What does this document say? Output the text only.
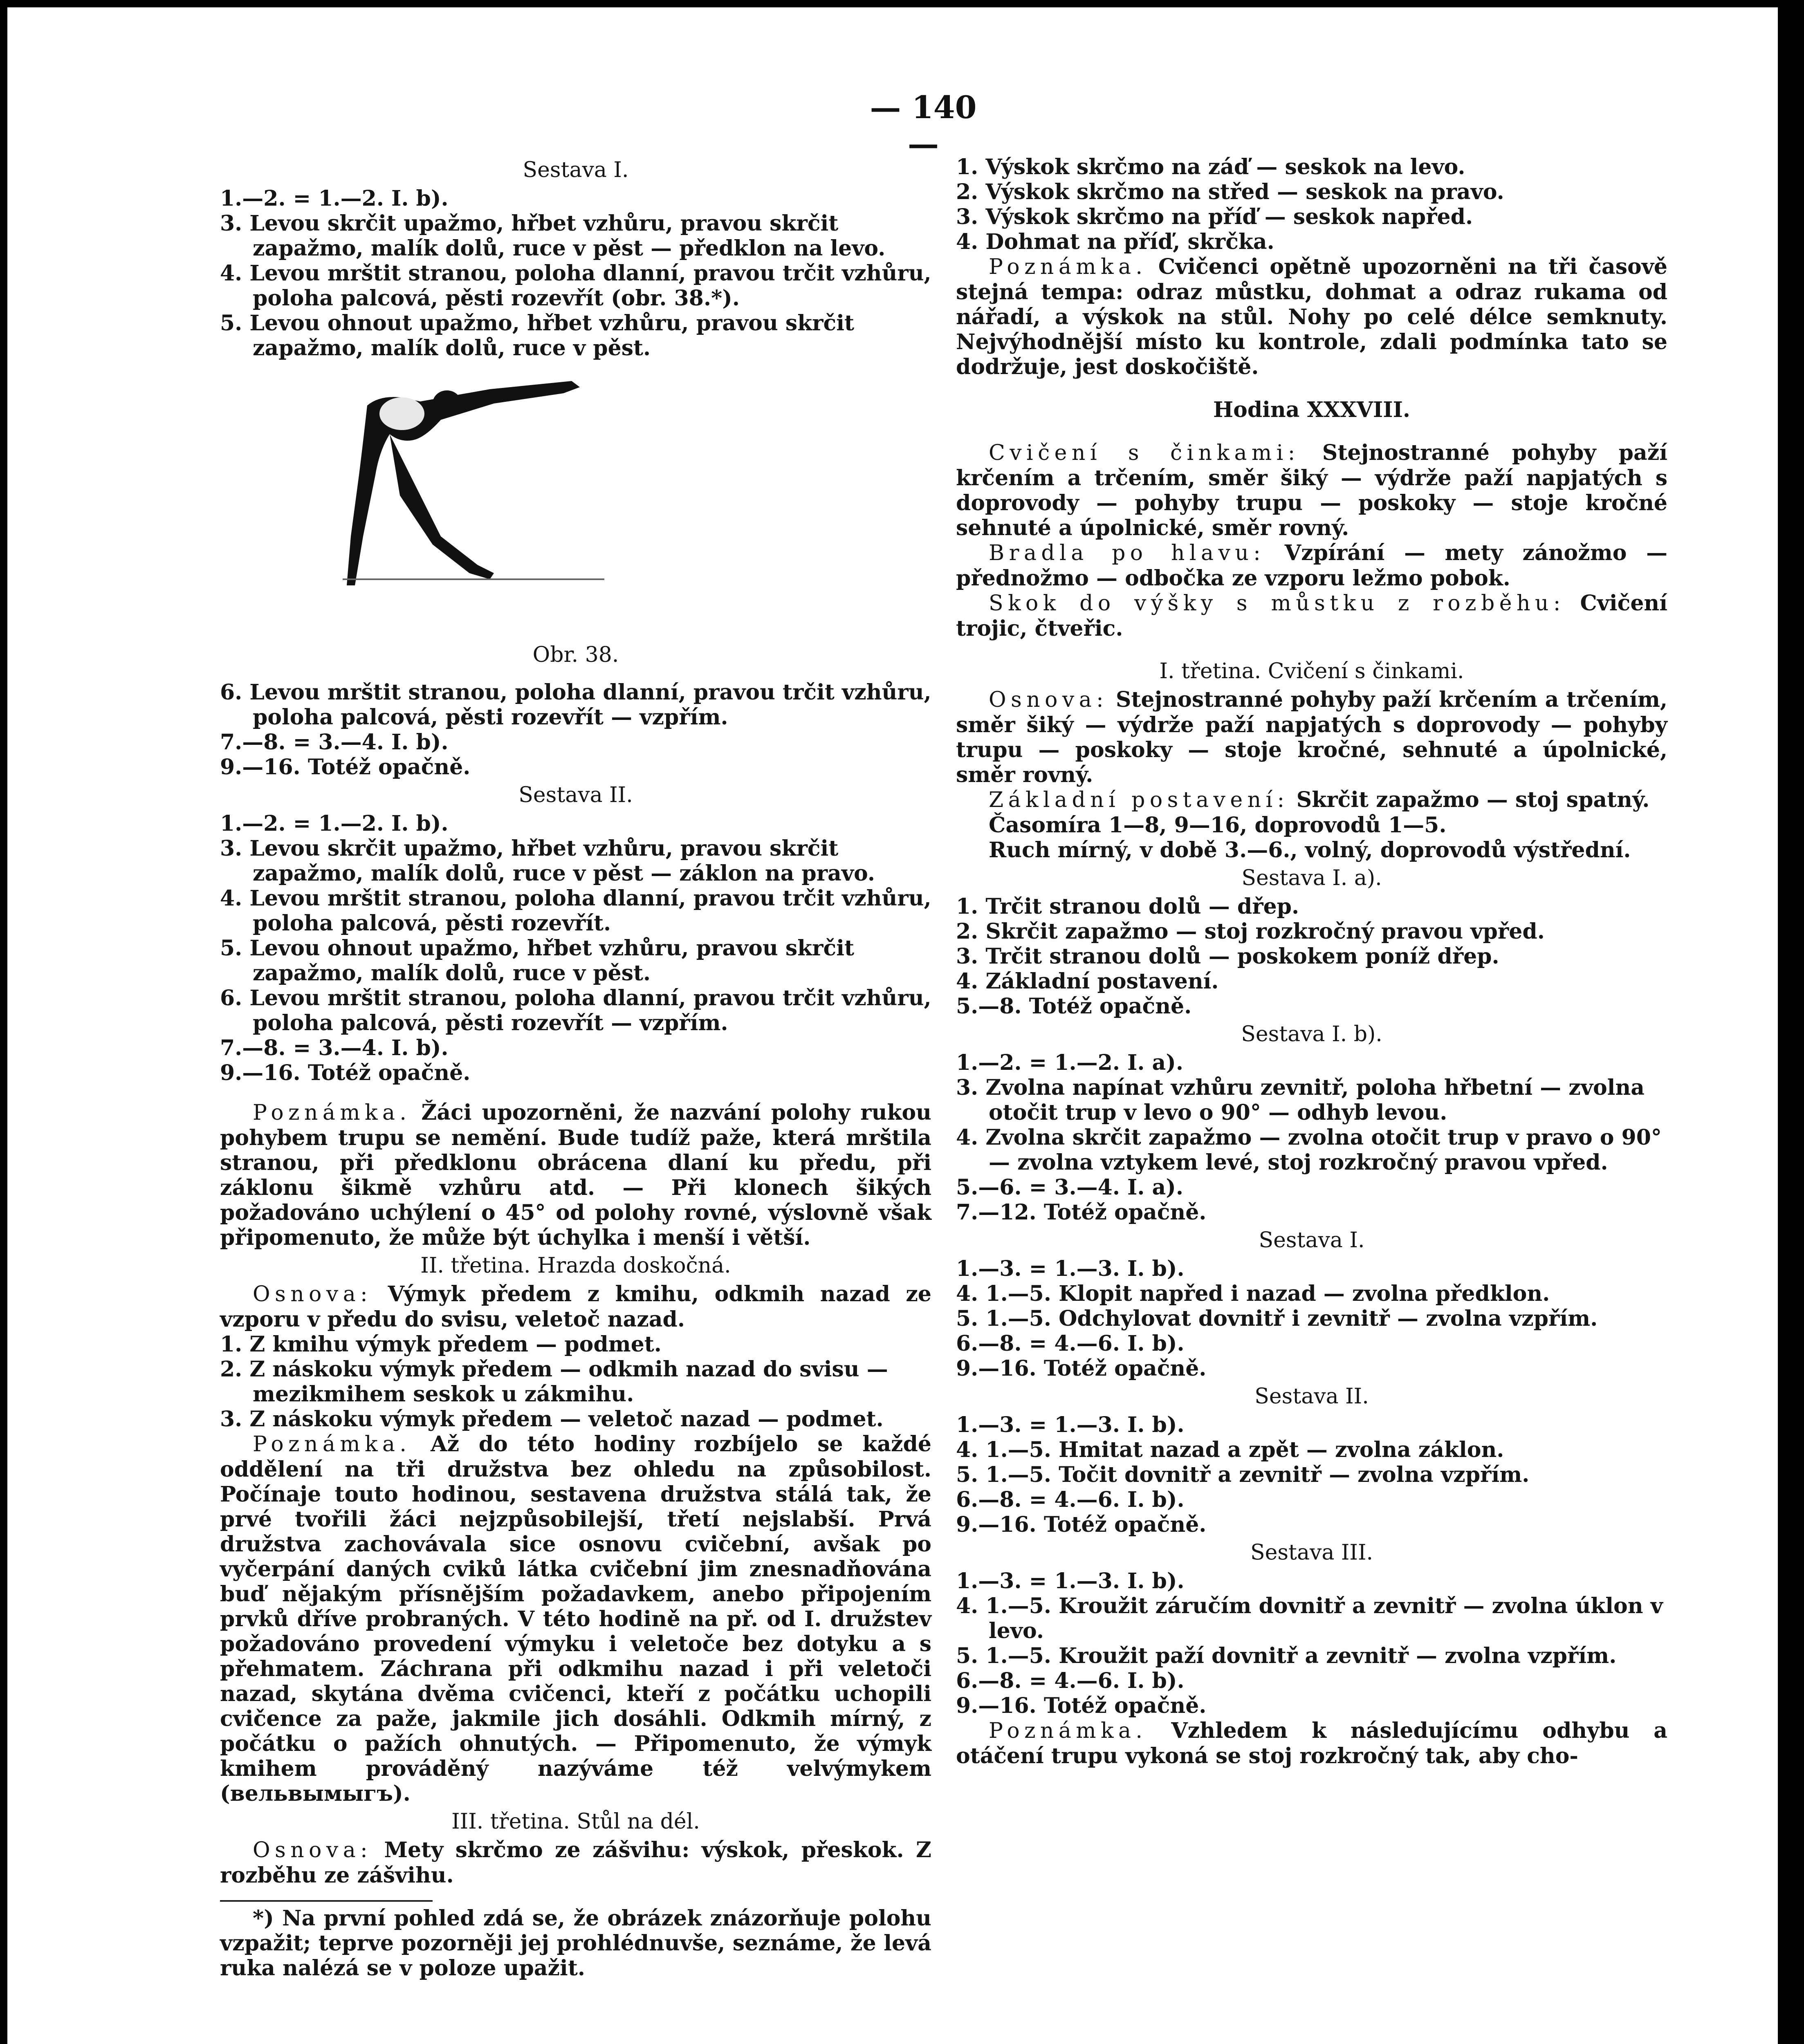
— 140 —

Sestava I.

1.—2. = 1.—2. I. b).

3. Levou skrčit upažmo, hřbet vzhůru, pravou skrčit zapažmo, malík dolů, ruce v pěst — předklon na levo.

4. Levou mrštit stranou, poloha dlanní, pravou trčit vzhůru, poloha palcová, pěsti rozevřít (obr. 38.*).

5. Levou ohnout upažmo, hřbet vzhůru, pravou skrčit zapažmo, malík dolů, ruce v pěst.

Obr. 38.

6. Levou mrštit stranou, poloha dlanní, pravou trčit vzhůru, poloha palcová, pěsti rozevřít — vzpřím.

7.—8. = 3.—4. I. b).

9.—16. Totéž opačně.

Sestava II.

1.—2. = 1.—2. I. b).

3. Levou skrčit upažmo, hřbet vzhůru, pravou skrčit zapažmo, malík dolů, ruce v pěst — záklon na pravo.

4. Levou mrštit stranou, poloha dlanní, pravou trčit vzhůru, poloha palcová, pěsti rozevřít.

5. Levou ohnout upažmo, hřbet vzhůru, pravou skrčit zapažmo, malík dolů, ruce v pěst.

6. Levou mrštit stranou, poloha dlanní, pravou trčit vzhůru, poloha palcová, pěsti rozevřít — vzpřím.

7.—8. = 3.—4. I. b).

9.—16. Totéž opačně.

Poznámka. Žáci upozorněni, že nazvání polohy rukou pohybem trupu se nemění. Bude tudíž paže, která mrštila stranou, při předklonu obrácena dlaní ku předu, při záklonu šikmě vzhůru atd. — Při klonech šikých požadováno uchýlení o 45° od polohy rovné, výslovně však připomenuto, že může být úchylka i menší i větší.

II. třetina. Hrazda doskočná.

Osnova: Výmyk předem z kmihu, odkmih nazad ze vzporu v předu do svisu, veletoč nazad.

1. Z kmihu výmyk předem — podmet.

2. Z náskoku výmyk předem — odkmih nazad do svisu — mezikmihem seskok u zákmihu.

3. Z náskoku výmyk předem — veletoč nazad — podmet.

Poznámka. Až do této hodiny rozbíjelo se každé oddělení na tři družstva bez ohledu na způsobilost. Počínaje touto hodinou, sestavena družstva stálá tak, že prvé tvořili žáci nejzpůsobilejší, třetí nejslabší. Prvá družstva zachovávala sice osnovu cvičební, avšak po vyčerpání daných cviků látka cvičební jim znesnadňována buď nějakým přísnějším požadavkem, anebo připojením prvků dříve probraných. V této hodině na př. od I. družstev požadováno provedení výmyku i veletoče bez dotyku a s přehmatem. Záchrana při odkmihu nazad i při veletoči nazad, skytána dvěma cvičenci, kteří z počátku uchopili cvičence za paže, jakmile jich dosáhli. Odkmih mírný, z počátku o pažích ohnutých. — Připomenuto, že výmyk kmihem prováděný nazýváme též velvýmykem (вельвымыгъ).

III. třetina. Stůl na dél.

Osnova: Mety skrčmo ze zášvihu: výskok, přeskok. Z rozběhu ze zášvihu.

*) Na první pohled zdá se, že obrázek znázorňuje polohu vzpažit; teprve pozorněji jej prohlédnuvše, seznáme, že levá ruka nalézá se v poloze upažit.

1. Výskok skrčmo na záď — seskok na levo.

2. Výskok skrčmo na střed — seskok na pravo.

3. Výskok skrčmo na příď — seskok napřed.

4. Dohmat na příď, skrčka.

Poznámka. Cvičenci opětně upozorněni na tři časově stejná tempa: odraz můstku, dohmat a odraz rukama od nářadí, a výskok na stůl. Nohy po celé délce semknuty. Nejvýhodnější místo ku kontrole, zdali podmínka tato se dodržuje, jest doskočiště.

Hodina XXXVIII.

Cvičení s činkami: Stejnostranné pohyby paží krčením a trčením, směr šiký — výdrže paží napjatých s doprovody — pohyby trupu — poskoky — stoje kročné sehnuté a úpolnické, směr rovný.

Bradla po hlavu: Vzpírání — mety zánožmo — přednožmo — odbočka ze vzporu ležmo pobok.

Skok do výšky s můstku z rozběhu: Cvičení trojic, čtveřic.

I. třetina. Cvičení s činkami.

Osnova: Stejnostranné pohyby paží krčením a trčením, směr šiký — výdrže paží napjatých s doprovody — pohyby trupu — poskoky — stoje kročné, sehnuté a úpolnické, směr rovný.

Základní postavení: Skrčit zapažmo — stoj spatný.

Časomíra 1—8, 9—16, doprovodů 1—5.

Ruch mírný, v době 3.—6., volný, doprovodů výstřední.

Sestava I. a).

1. Trčit stranou dolů — dřep.

2. Skrčit zapažmo — stoj rozkročný pravou vpřed.

3. Trčit stranou dolů — poskokem poníž dřep.

4. Základní postavení.

5.—8. Totéž opačně.

Sestava I. b).

1.—2. = 1.—2. I. a).

3. Zvolna napínat vzhůru zevnitř, poloha hřbetní — zvolna otočit trup v levo o 90° — odhyb levou.

4. Zvolna skrčit zapažmo — zvolna otočit trup v pravo o 90° — zvolna vztykem levé, stoj rozkročný pravou vpřed.

5.—6. = 3.—4. I. a).

7.—12. Totéž opačně.

Sestava I.

1.—3. = 1.—3. I. b).

4. 1.—5. Klopit napřed i nazad — zvolna předklon.

5. 1.—5. Odchylovat dovnitř i zevnitř — zvolna vzpřím.

6.—8. = 4.—6. I. b).

9.—16. Totéž opačně.

Sestava II.

1.—3. = 1.—3. I. b).

4. 1.—5. Hmitat nazad a zpět — zvolna záklon.

5. 1.—5. Točit dovnitř a zevnitř — zvolna vzpřím.

6.—8. = 4.—6. I. b).

9.—16. Totéž opačně.

Sestava III.

1.—3. = 1.—3. I. b).

4. 1.—5. Kroužit záručím dovnitř a zevnitř — zvolna úklon v levo.

5. 1.—5. Kroužit paží dovnitř a zevnitř — zvolna vzpřím.

6.—8. = 4.—6. I. b).

9.—16. Totéž opačně.

Poznámka. Vzhledem k následujícímu odhybu a otáčení trupu vykoná se stoj rozkročný tak, aby cho-
